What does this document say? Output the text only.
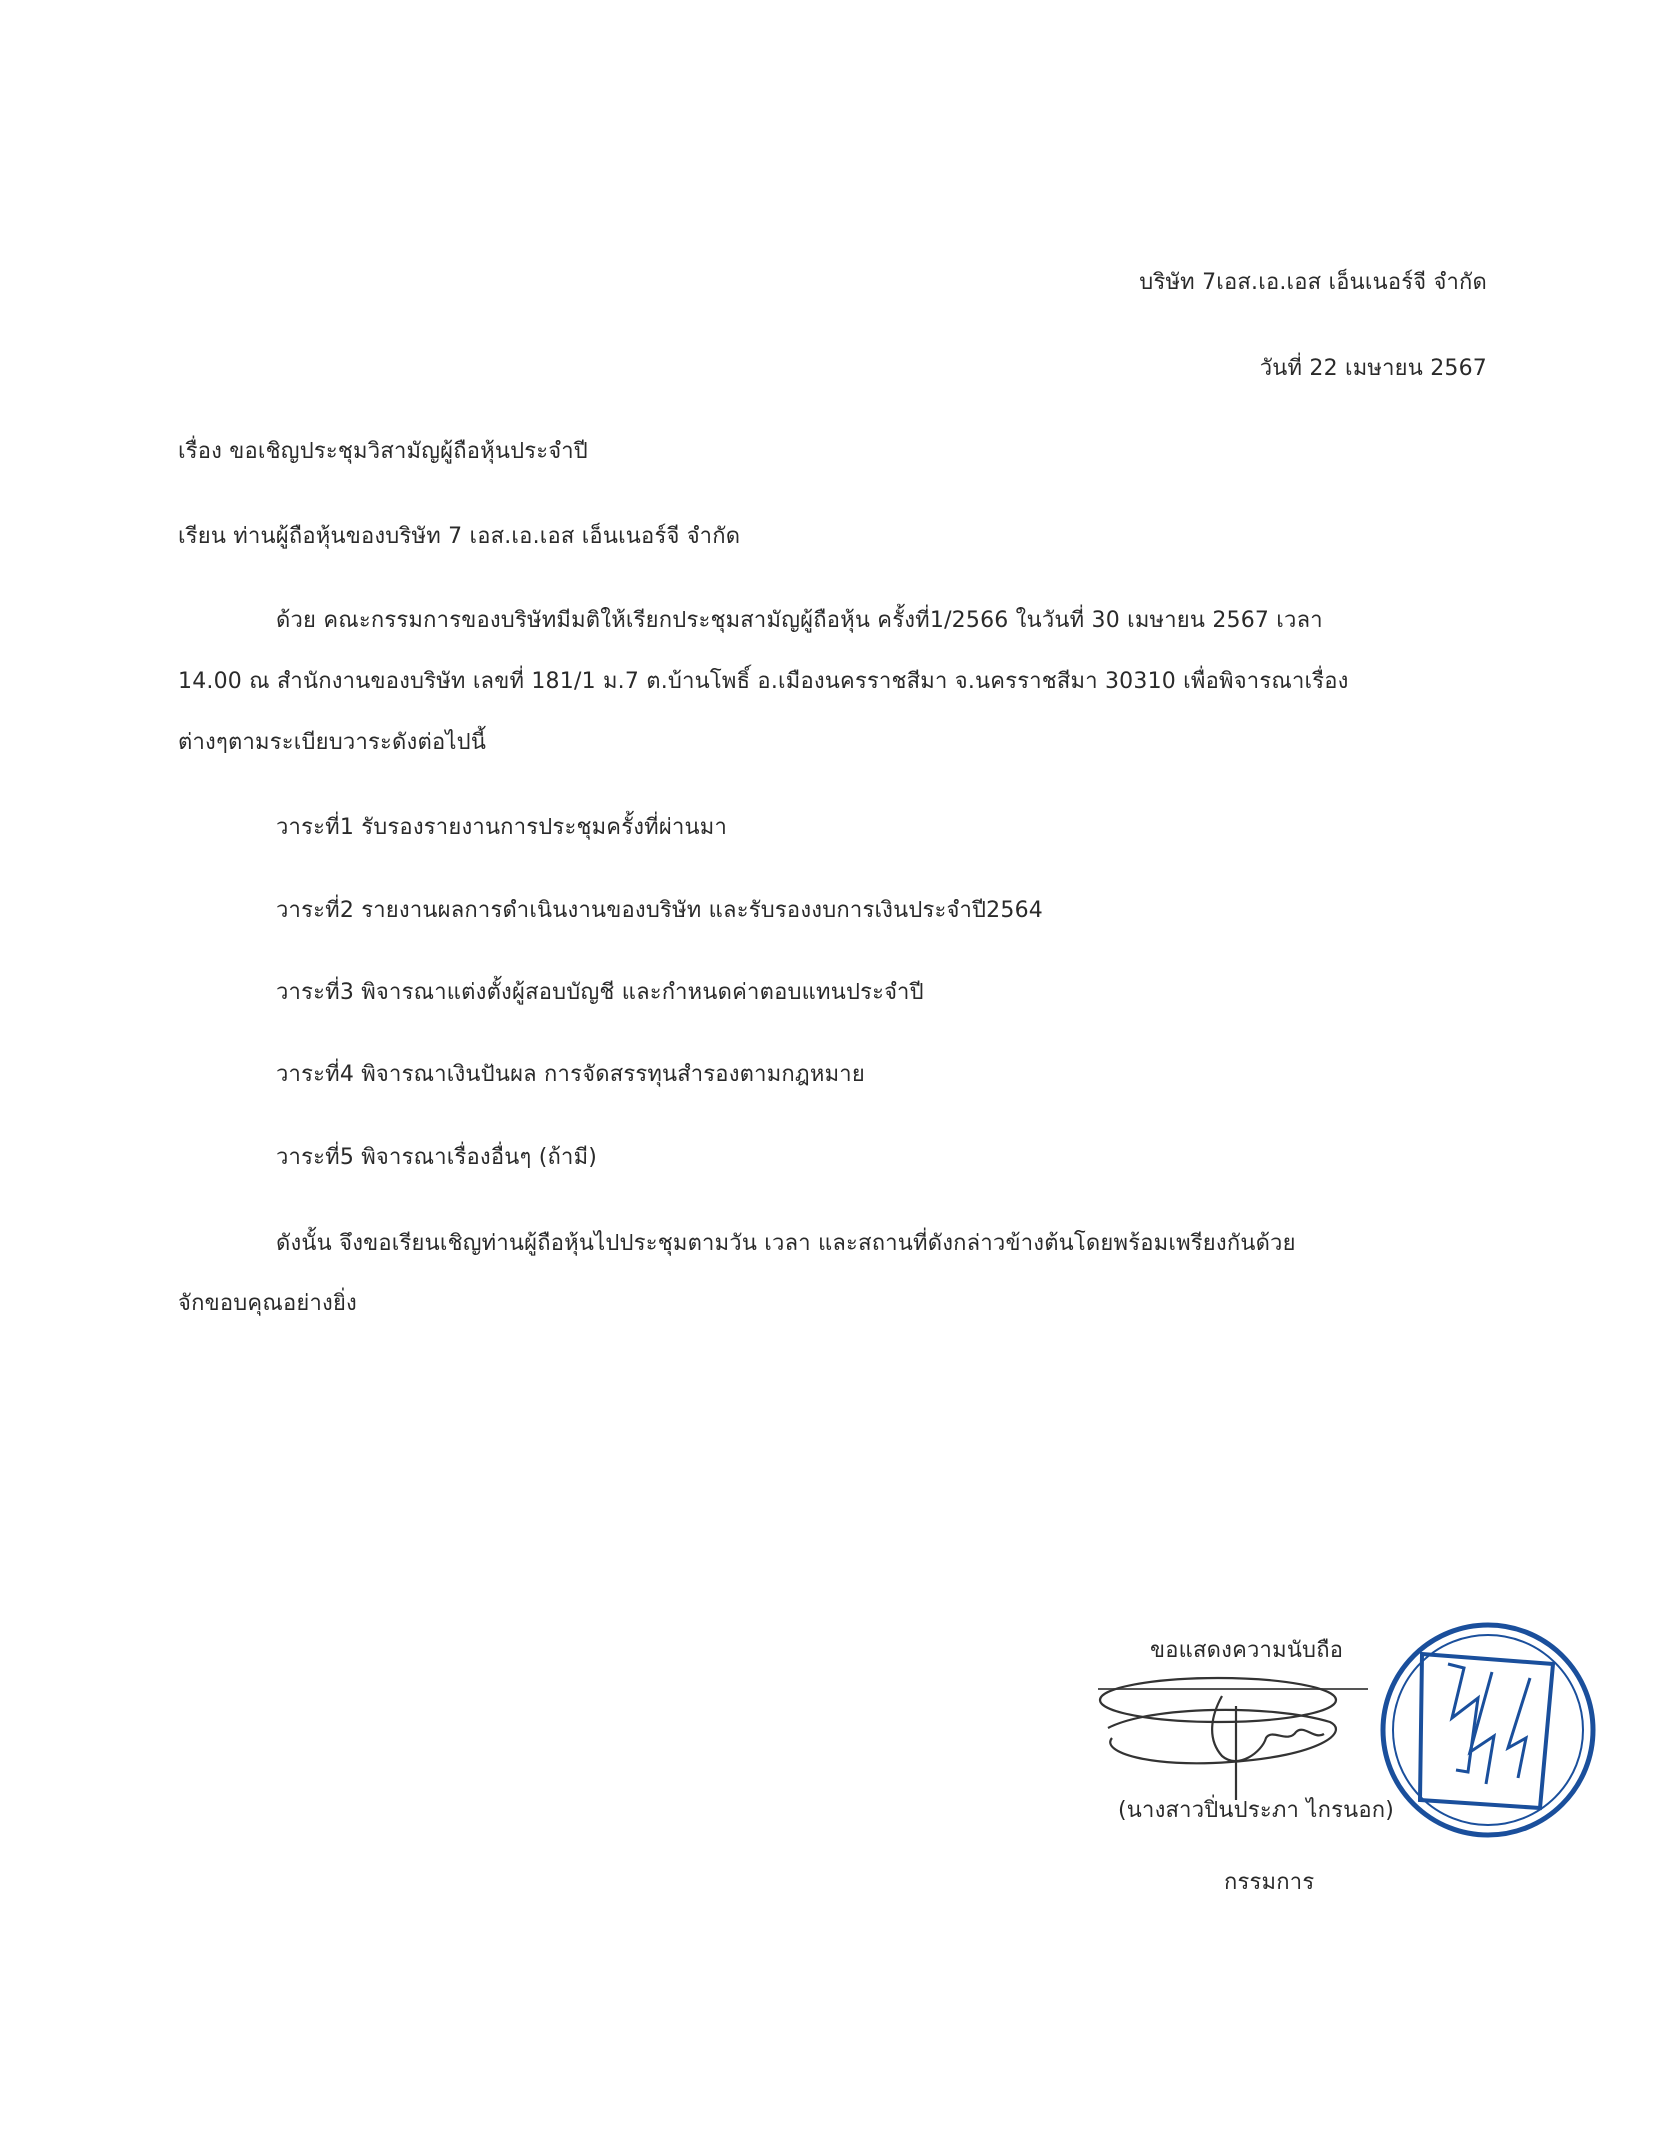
บริษัท 7เอส.เอ.เอส เอ็นเนอร์จี จำกัด
วันที่ 22 เมษายน 2567
เรื่อง ขอเชิญประชุมวิสามัญผู้ถือหุ้นประจำปี
เรียน ท่านผู้ถือหุ้นของบริษัท 7 เอส.เอ.เอส เอ็นเนอร์จี จำกัด
ด้วย คณะกรรมการของบริษัทมีมติให้เรียกประชุมสามัญผู้ถือหุ้น ครั้งที่1/2566 ในวันที่ 30 เมษายน 2567 เวลา
14.00 ณ สำนักงานของบริษัท เลขที่ 181/1 ม.7 ต.บ้านโพธิ์ อ.เมืองนครราชสีมา จ.นครราชสีมา 30310 เพื่อพิจารณาเรื่อง
ต่างๆตามระเบียบวาระดังต่อไปนี้
วาระที่1 รับรองรายงานการประชุมครั้งที่ผ่านมา
วาระที่2 รายงานผลการดำเนินงานของบริษัท และรับรองงบการเงินประจำปี2564
วาระที่3 พิจารณาแต่งตั้งผู้สอบบัญชี และกำหนดค่าตอบแทนประจำปี
วาระที่4 พิจารณาเงินปันผล การจัดสรรทุนสำรองตามกฎหมาย
วาระที่5 พิจารณาเรื่องอื่นๆ (ถ้ามี)
ดังนั้น จึงขอเรียนเชิญท่านผู้ถือหุ้นไปประชุมตามวัน เวลา และสถานที่ดังกล่าวข้างต้นโดยพร้อมเพรียงกันด้วย
จักขอบคุณอย่างยิ่ง
ขอแสดงความนับถือ
(นางสาวปิ่นประภา ไกรนอก)
กรรมการ
